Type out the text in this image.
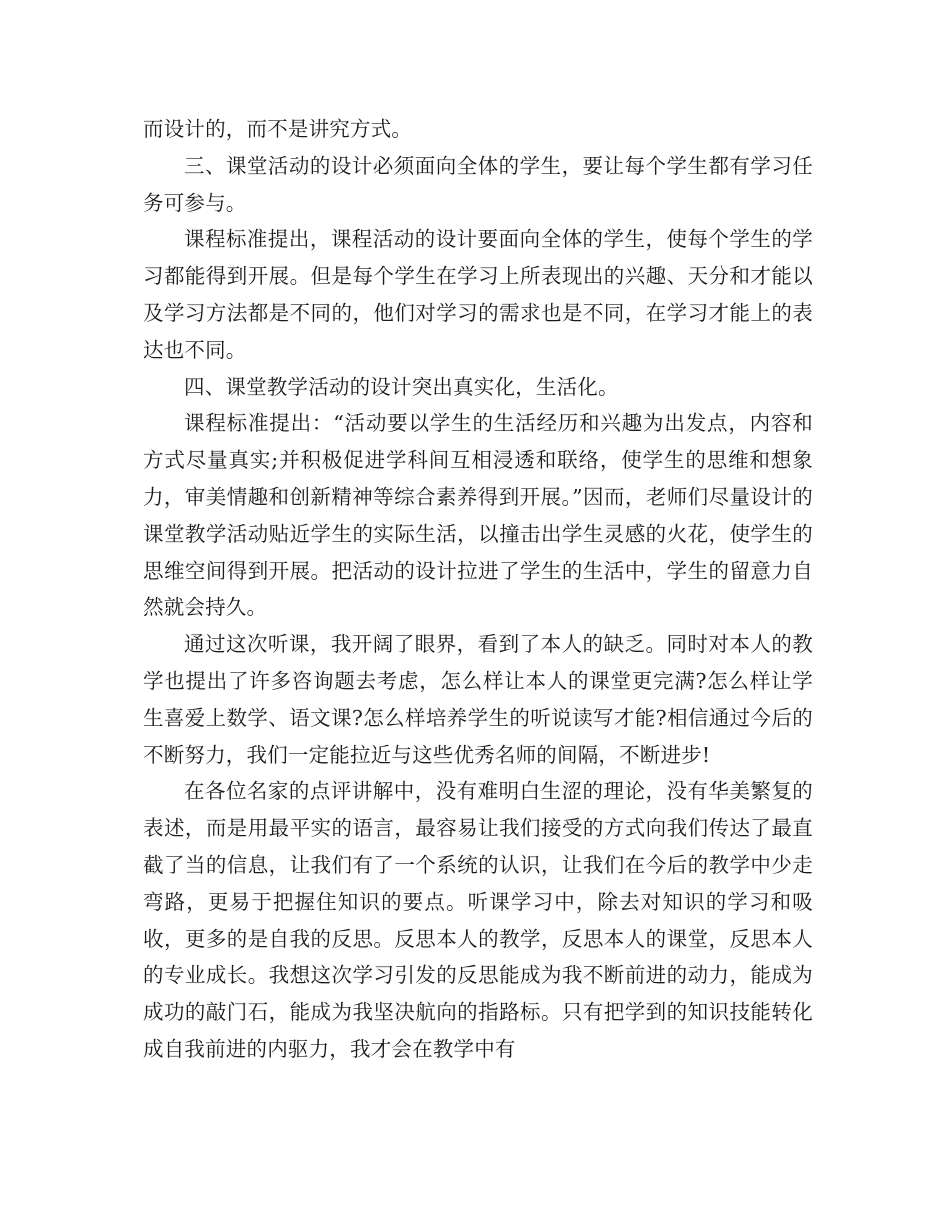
而设计的，而不是讲究方式。

三、课堂活动的设计必须面向全体的学生，要让每个学生都有学习任务可参与。

课程标准提出，课程活动的设计要面向全体的学生，使每个学生的学习都能得到开展。但是每个学生在学习上所表现出的兴趣、天分和才能以及学习方法都是不同的，他们对学习的需求也是不同，在学习才能上的表达也不同。

四、课堂教学活动的设计突出真实化，生活化。

课程标准提出：“活动要以学生的生活经历和兴趣为出发点，内容和方式尽量真实;并积极促进学科间互相浸透和联络，使学生的思维和想象力，审美情趣和创新精神等综合素养得到开展。”因而，老师们尽量设计的课堂教学活动贴近学生的实际生活，以撞击出学生灵感的火花，使学生的思维空间得到开展。把活动的设计拉进了学生的生活中，学生的留意力自然就会持久。

通过这次听课，我开阔了眼界，看到了本人的缺乏。同时对本人的教学也提出了许多咨询题去考虑，怎么样让本人的课堂更完满?怎么样让学生喜爱上数学、语文课?怎么样培养学生的听说读写才能?相信通过今后的不断努力，我们一定能拉近与这些优秀名师的间隔，不断进步!

在各位名家的点评讲解中，没有难明白生涩的理论，没有华美繁复的表述，而是用最平实的语言，最容易让我们接受的方式向我们传达了最直截了当的信息，让我们有了一个系统的认识，让我们在今后的教学中少走弯路，更易于把握住知识的要点。听课学习中，除去对知识的学习和吸收，更多的是自我的反思。反思本人的教学，反思本人的课堂，反思本人的专业成长。我想这次学习引发的反思能成为我不断前进的动力，能成为成功的敲门石，能成为我坚决航向的指路标。只有把学到的知识技能转化成自我前进的内驱力，我才会在教学中有
